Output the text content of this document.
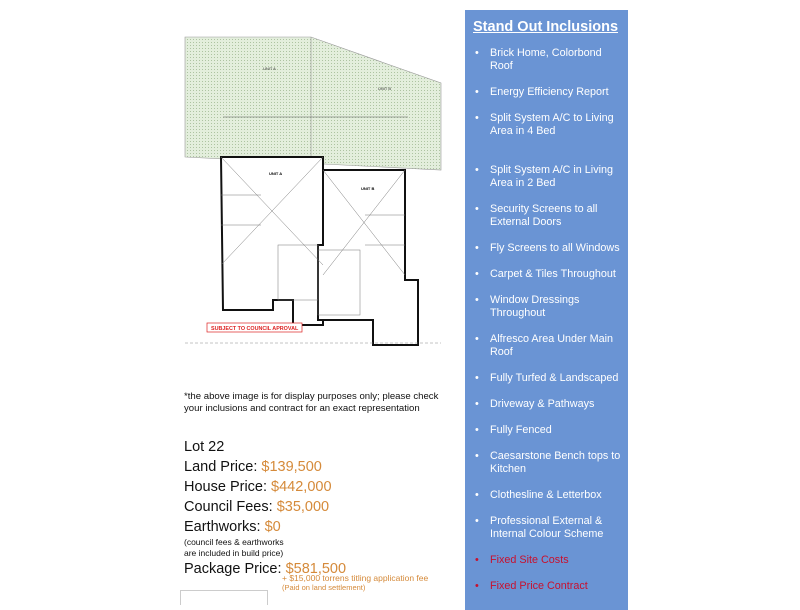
UNIT A
UNIT B
UNIT A
UNIT B
SUBJECT TO COUNCIL APROVAL
*the above image is for display purposes only; please check your inclusions and contract for an exact representation
Lot 22
Land Price: $139,500
House Price: $442,000
Council Fees: $35,000
Earthworks: $0
(council fees & earthworks
are included in build price)
Package Price: $581,500
+ $15,000 torrens titling application fee
(Paid on land settlement)
Stand Out Inclusions
• Brick Home, Colorbond Roof
• Energy Efficiency Report
• Split System A/C to Living Area in 4 Bed
• Split System A/C in Living Area in 2 Bed
• Security Screens to all External Doors
• Fly Screens to all Windows
• Carpet & Tiles Throughout
• Window Dressings Throughout
• Alfresco Area Under Main Roof
• Fully Turfed & Landscaped
• Driveway & Pathways
• Fully Fenced
• Caesarstone Bench tops to Kitchen
• Clothesline & Letterbox
• Professional External & Internal Colour Scheme
• Fixed Site Costs
• Fixed Price Contract
